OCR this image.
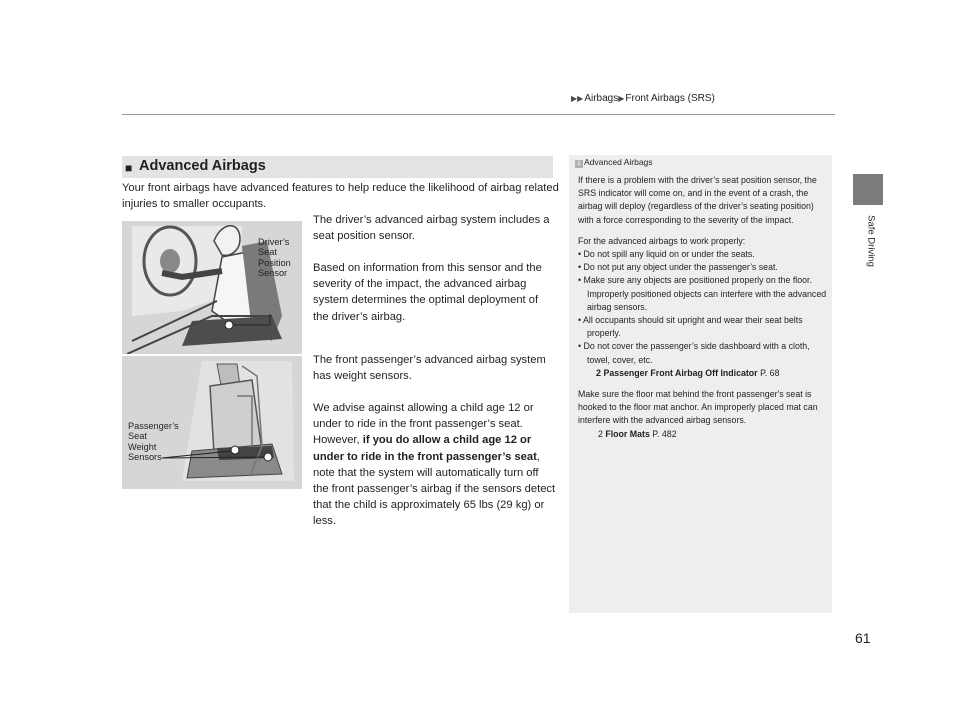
▶▶Airbags▶Front Airbags (SRS)
Safe Driving
■ Advanced Airbags
Your front airbags have advanced features to help reduce the likelihood of airbag related injuries to smaller occupants.

The driver’s advanced airbag system includes a seat position sensor.

Based on information from this sensor and the severity of the impact, the advanced airbag system determines the optimal deployment of the driver’s airbag.

The front passenger’s advanced airbag system has weight sensors.

We advise against allowing a child age 12 or under to ride in the front passenger’s seat. However, if you do allow a child age 12 or under to ride in the front passenger’s seat, note that the system will automatically turn off the front passenger’s airbag if the sensors detect that the child is approximately 65 lbs (29 kg) or less.

Driver’s
Seat
Position
Sensor
Passenger’s
Seat
Weight
Sensors
1 Advanced Airbags

If there is a problem with the driver’s seat position sensor, the SRS indicator will come on, and in the event of a crash, the airbag will deploy (regardless of the driver’s seating position) with a force corresponding to the severity of the impact.

For the advanced airbags to work properly:

• Do not spill any liquid on or under the seats.

• Do not put any object under the passenger’s seat.

• Make sure any objects are positioned properly on the floor. Improperly positioned objects can interfere with the advanced airbag sensors.

• All occupants should sit upright and wear their seat belts properly.

• Do not cover the passenger’s side dashboard with a cloth, towel, cover, etc.

2 Passenger Front Airbag Off Indicator P. 68

Make sure the floor mat behind the front passenger's seat is hooked to the floor mat anchor. An improperly placed mat can interfere with the advanced airbag sensors.

2 Floor Mats P. 482

61
